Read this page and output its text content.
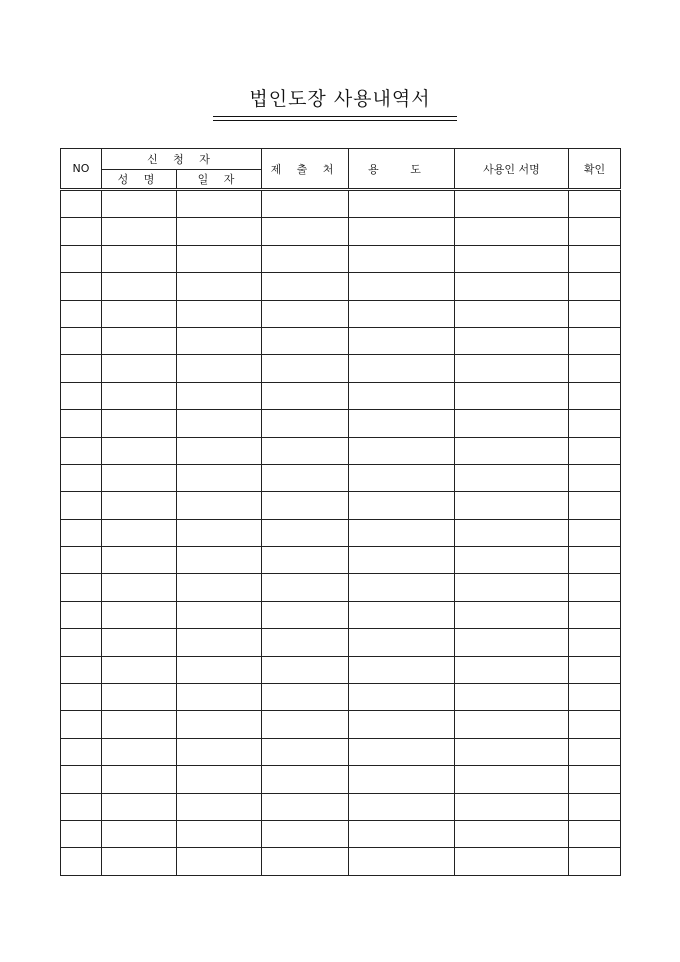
법인도장 사용내역서
NO	신 청 자		제 출 처	용 도	사용인 서명	확인
	성 명	일 자				
